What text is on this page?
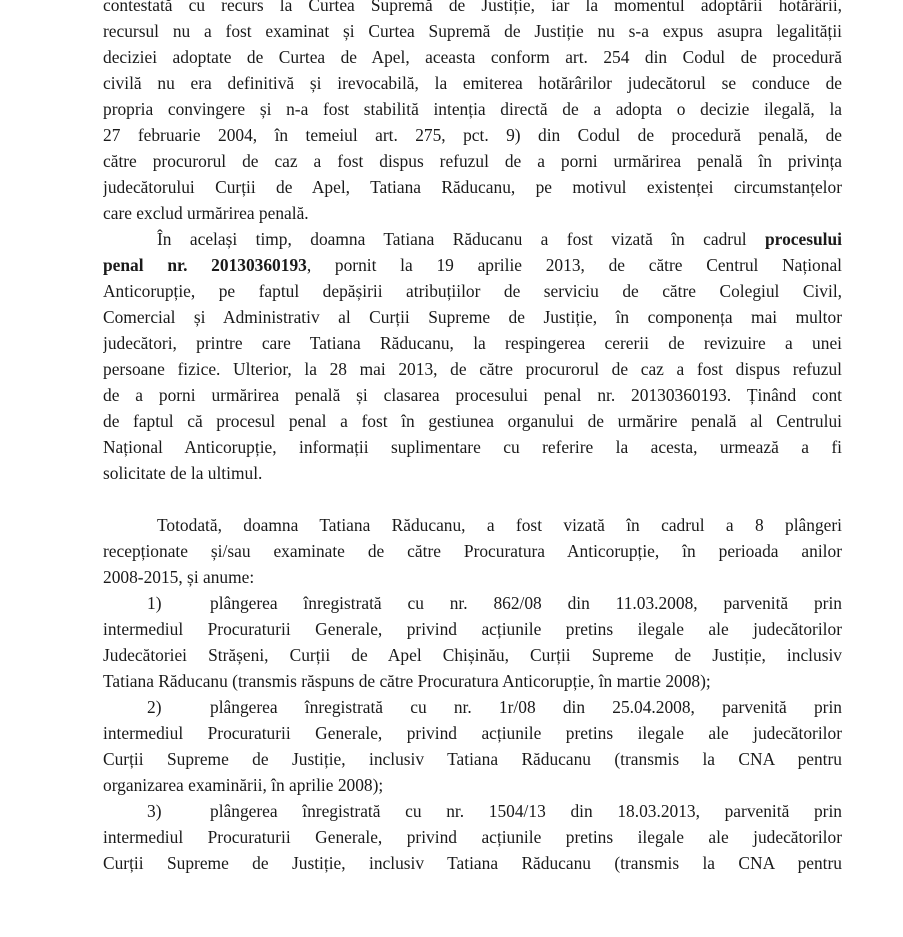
contestată cu recurs la Curtea Supremă de Justiție, iar la momentul adoptării hotărârii,
recursul nu a fost examinat și Curtea Supremă de Justiție nu s-a expus asupra legalității
deciziei adoptate de Curtea de Apel, aceasta conform art. 254 din Codul de procedură
civilă nu era definitivă și irevocabilă, la emiterea hotărârilor judecătorul se conduce de
propria convingere și n-a fost stabilită intenția directă de a adopta o decizie ilegală, la
27 februarie 2004, în temeiul art. 275, pct. 9) din Codul de procedură penală, de
către procurorul de caz a fost dispus refuzul de a porni urmărirea penală în privința
judecătorului Curții de Apel, Tatiana Răducanu, pe motivul existenței circumstanțelor
care exclud urmărirea penală.
În același timp, doamna Tatiana Răducanu a fost vizată în cadrul procesului
penal nr. 20130360193, pornit la 19 aprilie 2013, de către Centrul Național
Anticorupție, pe faptul depășirii atribuțiilor de serviciu de către Colegiul Civil,
Comercial și Administrativ al Curții Supreme de Justiție, în componența mai multor
judecători, printre care Tatiana Răducanu, la respingerea cererii de revizuire a unei
persoane fizice. Ulterior, la 28 mai 2013, de către procurorul de caz a fost dispus refuzul
de a porni urmărirea penală și clasarea procesului penal nr. 20130360193. Ținând cont
de faptul că procesul penal a fost în gestiunea organului de urmărire penală al Centrului
Național Anticorupție, informații suplimentare cu referire la acesta, urmează a fi
solicitate de la ultimul.
Totodată, doamna Tatiana Răducanu, a fost vizată în cadrul a 8 plângeri
recepționate și/sau examinate de către Procuratura Anticorupție, în perioada anilor
2008-2015, și anume:
1)	plângerea înregistrată cu nr. 862/08 din 11.03.2008, parvenită prin
intermediul Procuraturii Generale, privind acțiunile pretins ilegale ale judecătorilor
Judecătoriei Strășeni, Curții de Apel Chișinău, Curții Supreme de Justiție, inclusiv
Tatiana Răducanu (transmis răspuns de către Procuratura Anticorupție, în martie 2008);
2)	plângerea înregistrată cu nr. 1r/08 din 25.04.2008, parvenită prin
intermediul Procuraturii Generale, privind acțiunile pretins ilegale ale judecătorilor
Curții Supreme de Justiție, inclusiv Tatiana Răducanu (transmis la CNA pentru
organizarea examinării, în aprilie 2008);
3)	plângerea înregistrată cu nr. 1504/13 din 18.03.2013, parvenită prin
intermediul Procuraturii Generale, privind acțiunile pretins ilegale ale judecătorilor
Curții Supreme de Justiție, inclusiv Tatiana Răducanu (transmis la CNA pentru
